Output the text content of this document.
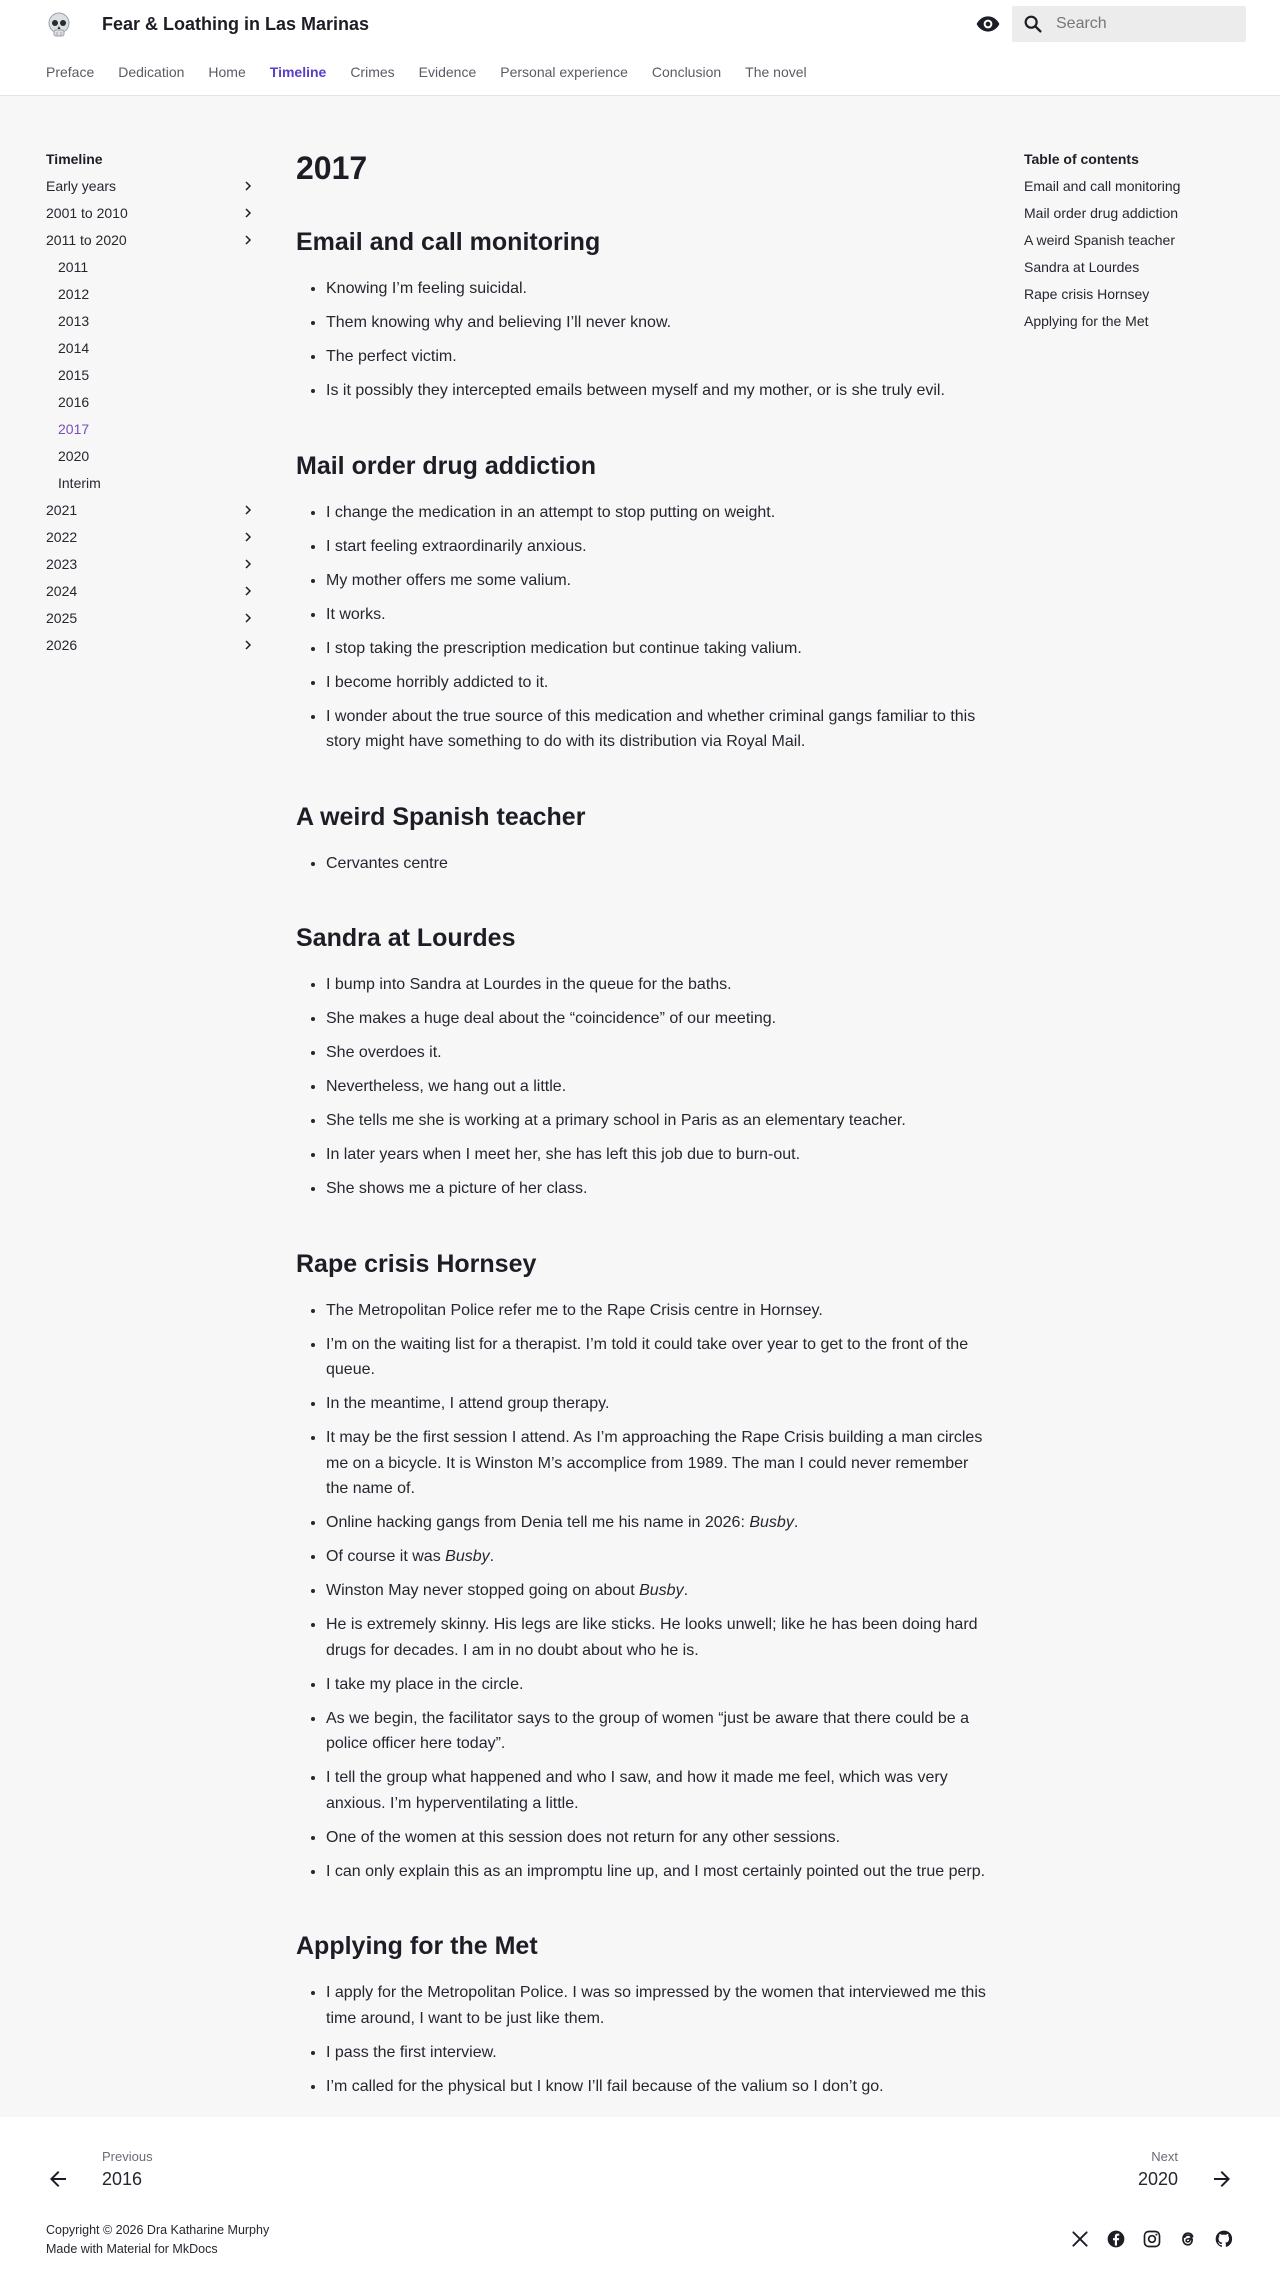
Fear & Loathing in Las Marinas
Search
Preface Dedication Home Timeline Crimes Evidence Personal experience Conclusion The novel
Timeline
Early years
2001 to 2010
2011 to 2020
2011
2012
2013
2014
2015
2016
2017
2020
Interim
2021
2022
2023
2024
2025
2026
2017
Email and call monitoring
• Knowing I’m feeling suicidal.
• Them knowing why and believing I’ll never know.
• The perfect victim.
• Is it possibly they intercepted emails between myself and my mother, or is she truly evil.
Mail order drug addiction
• I change the medication in an attempt to stop putting on weight.
• I start feeling extraordinarily anxious.
• My mother offers me some valium.
• It works.
• I stop taking the prescription medication but continue taking valium.
• I become horribly addicted to it.
• I wonder about the true source of this medication and whether criminal gangs familiar to this story might have something to do with its distribution via Royal Mail.
A weird Spanish teacher
• Cervantes centre
Sandra at Lourdes
• I bump into Sandra at Lourdes in the queue for the baths.
• She makes a huge deal about the “coincidence” of our meeting.
• She overdoes it.
• Nevertheless, we hang out a little.
• She tells me she is working at a primary school in Paris as an elementary teacher.
• In later years when I meet her, she has left this job due to burn-out.
• She shows me a picture of her class.
Rape crisis Hornsey
• The Metropolitan Police refer me to the Rape Crisis centre in Hornsey.
• I’m on the waiting list for a therapist. I’m told it could take over year to get to the front of the queue.
• In the meantime, I attend group therapy.
• It may be the first session I attend. As I’m approaching the Rape Crisis building a man circles me on a bicycle. It is Winston M’s accomplice from 1989. The man I could never remember the name of.
• Online hacking gangs from Denia tell me his name in 2026: Busby.
• Of course it was Busby.
• Winston May never stopped going on about Busby.
• He is extremely skinny. His legs are like sticks. He looks unwell; like he has been doing hard drugs for decades. I am in no doubt about who he is.
• I take my place in the circle.
• As we begin, the facilitator says to the group of women “just be aware that there could be a police officer here today”.
• I tell the group what happened and who I saw, and how it made me feel, which was very anxious. I’m hyperventilating a little.
• One of the women at this session does not return for any other sessions.
• I can only explain this as an impromptu line up, and I most certainly pointed out the true perp.
Applying for the Met
• I apply for the Metropolitan Police. I was so impressed by the women that interviewed me this time around, I want to be just like them.
• I pass the first interview.
• I’m called for the physical but I know I’ll fail because of the valium so I don’t go.
Table of contents
Email and call monitoring
Mail order drug addiction
A weird Spanish teacher
Sandra at Lourdes
Rape crisis Hornsey
Applying for the Met
Previous
2016
Next
2020
Copyright © 2026 Dra Katharine Murphy
Made with Material for MkDocs
